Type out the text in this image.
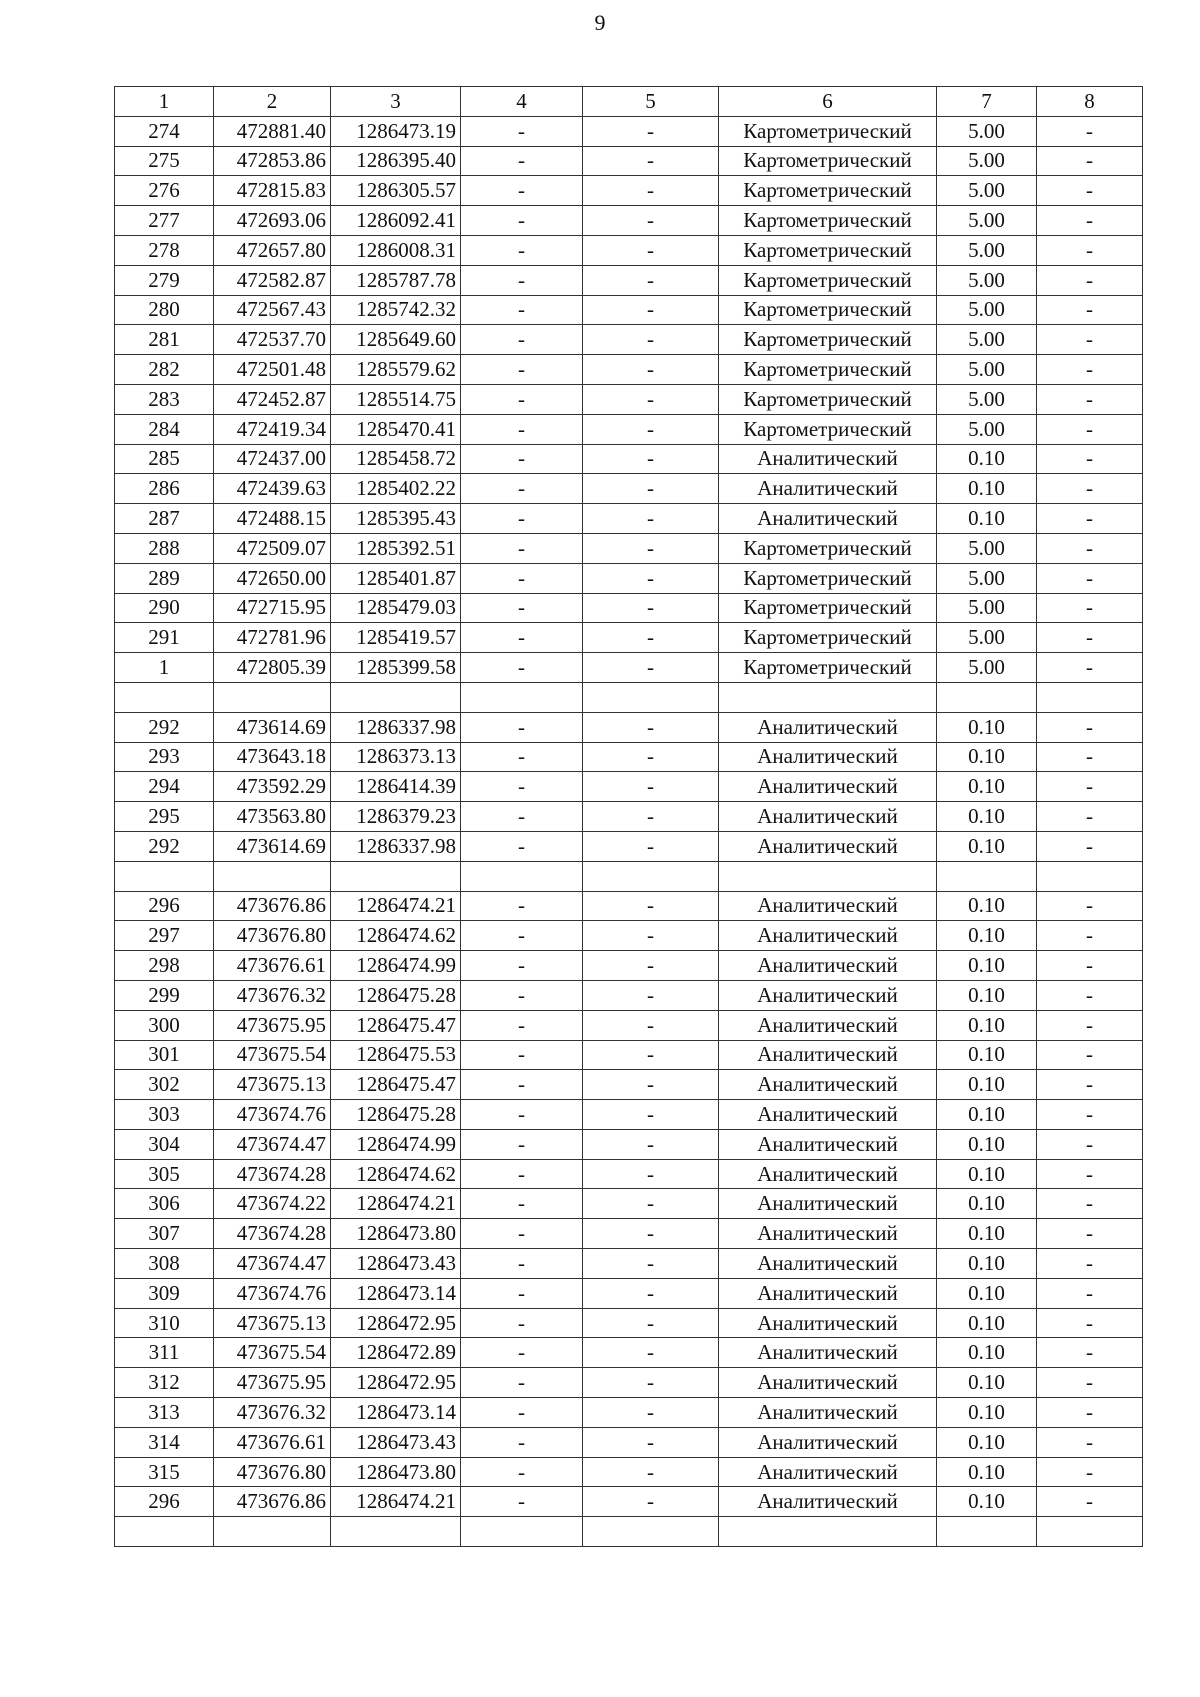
9
1	2	3	4	5	6	7	8
274	472881.40	1286473.19	-	-	Картометрический	5.00	-
275	472853.86	1286395.40	-	-	Картометрический	5.00	-
276	472815.83	1286305.57	-	-	Картометрический	5.00	-
277	472693.06	1286092.41	-	-	Картометрический	5.00	-
278	472657.80	1286008.31	-	-	Картометрический	5.00	-
279	472582.87	1285787.78	-	-	Картометрический	5.00	-
280	472567.43	1285742.32	-	-	Картометрический	5.00	-
281	472537.70	1285649.60	-	-	Картометрический	5.00	-
282	472501.48	1285579.62	-	-	Картометрический	5.00	-
283	472452.87	1285514.75	-	-	Картометрический	5.00	-
284	472419.34	1285470.41	-	-	Картометрический	5.00	-
285	472437.00	1285458.72	-	-	Аналитический	0.10	-
286	472439.63	1285402.22	-	-	Аналитический	0.10	-
287	472488.15	1285395.43	-	-	Аналитический	0.10	-
288	472509.07	1285392.51	-	-	Картометрический	5.00	-
289	472650.00	1285401.87	-	-	Картометрический	5.00	-
290	472715.95	1285479.03	-	-	Картометрический	5.00	-
291	472781.96	1285419.57	-	-	Картометрический	5.00	-
1	472805.39	1285399.58	-	-	Картометрический	5.00	-

292	473614.69	1286337.98	-	-	Аналитический	0.10	-
293	473643.18	1286373.13	-	-	Аналитический	0.10	-
294	473592.29	1286414.39	-	-	Аналитический	0.10	-
295	473563.80	1286379.23	-	-	Аналитический	0.10	-
292	473614.69	1286337.98	-	-	Аналитический	0.10	-

296	473676.86	1286474.21	-	-	Аналитический	0.10	-
297	473676.80	1286474.62	-	-	Аналитический	0.10	-
298	473676.61	1286474.99	-	-	Аналитический	0.10	-
299	473676.32	1286475.28	-	-	Аналитический	0.10	-
300	473675.95	1286475.47	-	-	Аналитический	0.10	-
301	473675.54	1286475.53	-	-	Аналитический	0.10	-
302	473675.13	1286475.47	-	-	Аналитический	0.10	-
303	473674.76	1286475.28	-	-	Аналитический	0.10	-
304	473674.47	1286474.99	-	-	Аналитический	0.10	-
305	473674.28	1286474.62	-	-	Аналитический	0.10	-
306	473674.22	1286474.21	-	-	Аналитический	0.10	-
307	473674.28	1286473.80	-	-	Аналитический	0.10	-
308	473674.47	1286473.43	-	-	Аналитический	0.10	-
309	473674.76	1286473.14	-	-	Аналитический	0.10	-
310	473675.13	1286472.95	-	-	Аналитический	0.10	-
311	473675.54	1286472.89	-	-	Аналитический	0.10	-
312	473675.95	1286472.95	-	-	Аналитический	0.10	-
313	473676.32	1286473.14	-	-	Аналитический	0.10	-
314	473676.61	1286473.43	-	-	Аналитический	0.10	-
315	473676.80	1286473.80	-	-	Аналитический	0.10	-
296	473676.86	1286474.21	-	-	Аналитический	0.10	-
